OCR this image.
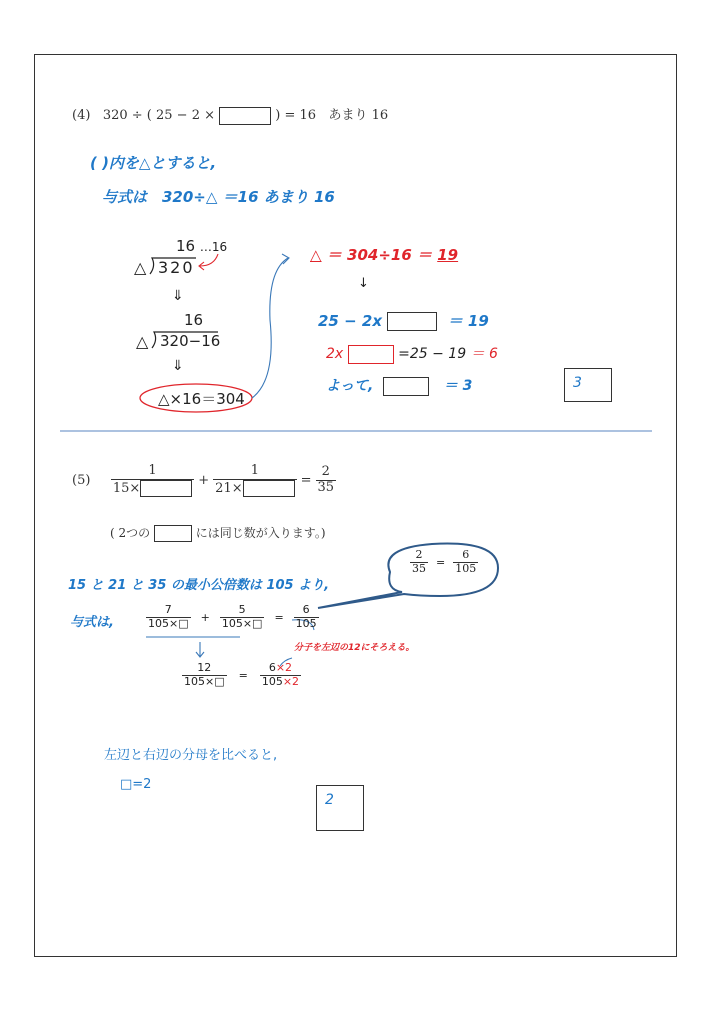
(4) 320 ÷ ( 25 − 2 ×	) = 16 あまり 16
( )内を△とすると,
与式は　320÷△ ＝16 あまり 16
16 …16
△ 320
⇓
16
△ 320−16
⇓
△×16＝304
△ ＝ 304÷16 ＝ 19
↓
25 − 2x	＝ 19
2x	=25 − 19 ＝ 6
よって,	＝ 3	3
(5)
$\frac{1}{15\times} + \frac{1}{21\times} = \frac{2}{35}$
( 2つの	には同じ数が入ります。)
$\frac{2}{35} = \frac{6}{105}$
15 と 21 と 35 の最小公倍数は 105 より,
与式は,	$\frac{7}{105\times□} + \frac{5}{105\times□} = \frac{6}{105}$
分子を左辺の12にそろえる。
$\frac{12}{105\times□} = \frac{6\times 2}{105\times 2}$
左辺と右辺の分母を比べると,
□=2
2
